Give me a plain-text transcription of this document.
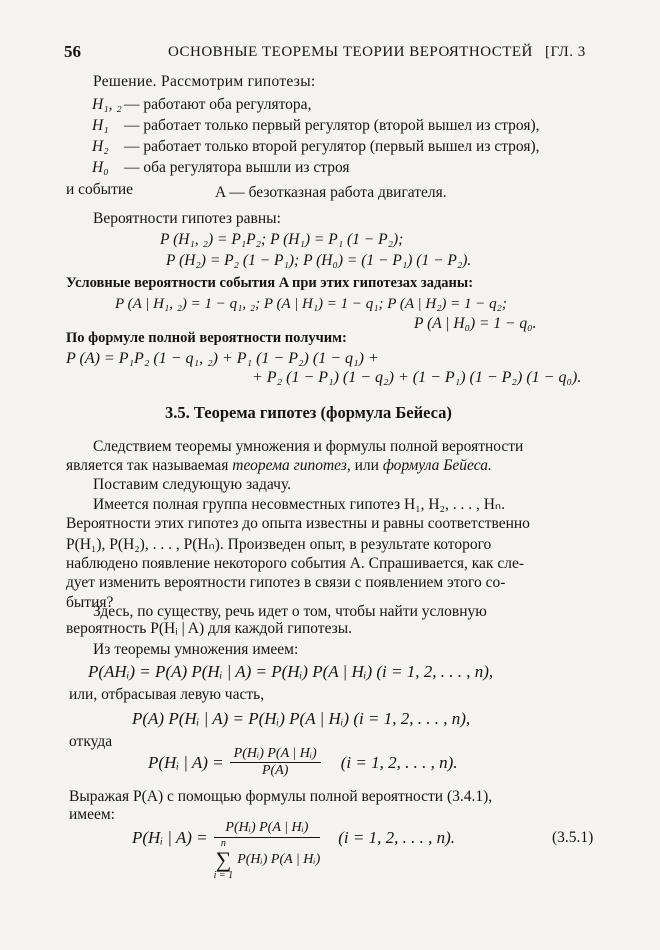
56	ОСНОВНЫЕ ТЕОРЕМЫ ТЕОРИИ ВЕРОЯТНОСТЕЙ [ГЛ. 3
Решение. Рассмотрим гипотезы:
H₁, ₂ — работают оба регулятора,
H₁ — работает только первый регулятор (второй вышел из строя),
H₂ — работает только второй регулятор (первый вышел из строя),
H₀ — оба регулятора вышли из строя
и событие	A — безотказная работа двигателя.
Вероятности гипотез равны:
P (H₁, ₂) = P₁P₂; P (H₁) = P₁ (1 − P₂);
P (H₂) = P₂ (1 − P₁); P (H₀) = (1 − P₁) (1 − P₂).
Условные вероятности события A при этих гипотезах заданы:
P (A | H₁, ₂) = 1 − q₁, ₂; P (A | H₁) = 1 − q₁; P (A | H₂) = 1 − q₂;
P (A | H₀) = 1 − q₀.
По формуле полной вероятности получим:
P (A) = P₁P₂ (1 − q₁, ₂) + P₁ (1 − P₂) (1 − q₁) +
+ P₂ (1 − P₁) (1 − q₂) + (1 − P₁) (1 − P₂) (1 − q₀).
3.5. Теорема гипотез (формула Бейеса)
Следствием теоремы умножения и формулы полной вероятности
является так называемая теорема гипотез, или формула Бейеса.
Поставим следующую задачу.
Имеется полная группа несовместных гипотез H₁, H₂, . . . , Hₙ.
Вероятности этих гипотез до опыта известны и равны соответственно
P(H₁), P(H₂), . . . , P(Hₙ). Произведен опыт, в результате которого
наблюдено появление некоторого события A. Спрашивается, как сле-
дует изменить вероятности гипотез в связи с появлением этого со-
бытия?
Здесь, по существу, речь идет о том, чтобы найти условную
вероятность P(Hᵢ | A) для каждой гипотезы.
Из теоремы умножения имеем:
P(AHᵢ) = P(A) P(Hᵢ | A) = P(Hᵢ) P(A | Hᵢ) (i = 1, 2, . . . , n),
или, отбрасывая левую часть,
P(A) P(Hᵢ | A) = P(Hᵢ) P(A | Hᵢ) (i = 1, 2, . . . , n),
откуда
P(Hᵢ | $A) = \frac{\text{P(Hᵢ) P(A | Hᵢ)}}{P(A)} (i = 1$, 2, . . . , n).
Выражая P(A) с помощью формулы полной вероятности (3.4.1),
имеем:
P(Hᵢ | A) =
P(Hᵢ) P(A | Hᵢ)
n
∑
i = 1
P(Hᵢ) P(A | Hᵢ)
(i = 1, 2, . . . , n).	(3.5.1)
